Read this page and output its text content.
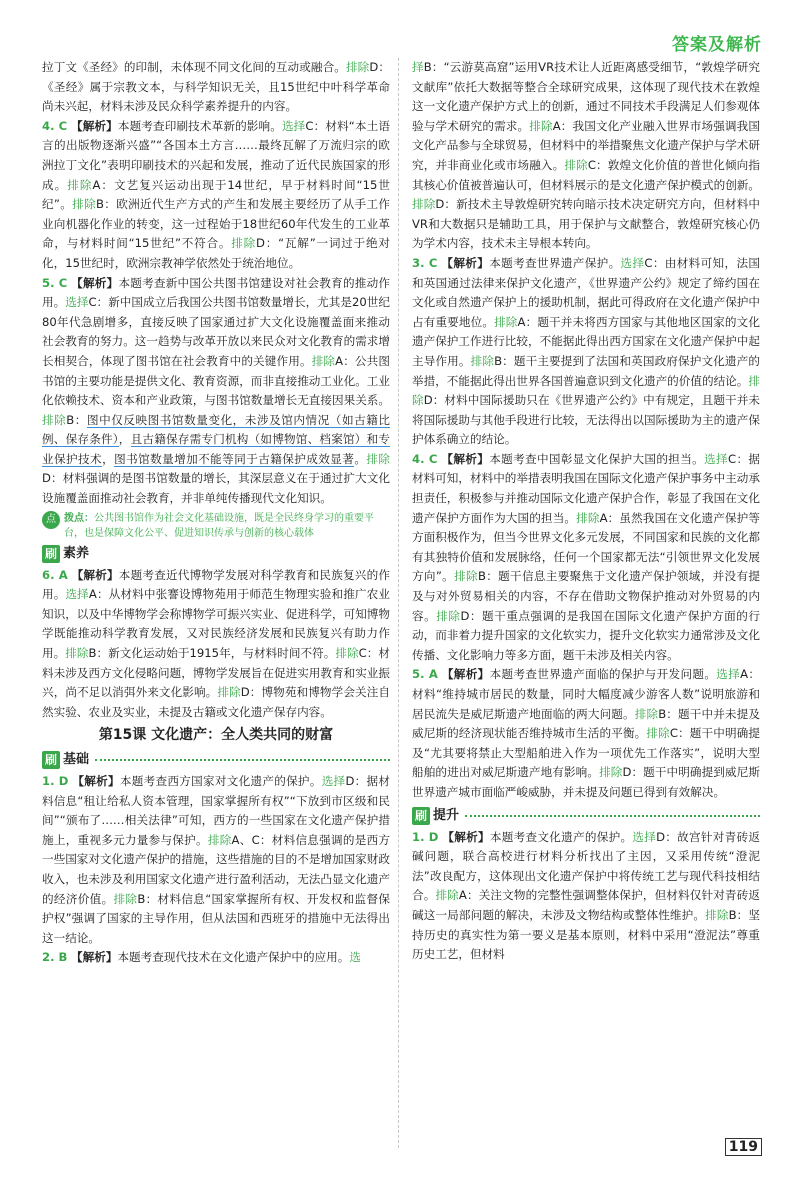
答案及解析

拉丁文《圣经》的印制，未体现不同文化间的互动或融合。排除D：《圣经》属于宗教文本，与科学知识无关，且15世纪中叶科学革命尚未兴起，材料未涉及民众科学素养提升的内容。

4. C 【解析】本题考查印刷技术革新的影响。选择C：材料“本土语言的出版物逐渐兴盛”“各国本土方言……最终瓦解了万流归宗的欧洲拉丁文化”表明印刷技术的兴起和发展，推动了近代民族国家的形成。排除A：文艺复兴运动出现于14世纪，早于材料时间“15世纪”。排除B：欧洲近代生产方式的产生和发展主要经历了从手工作业向机器化作业的转变，这一过程始于18世纪60年代发生的工业革命，与材料时间“15世纪”不符合。排除D：“瓦解”一词过于绝对化，15世纪时，欧洲宗教神学依然处于统治地位。

5. C 【解析】本题考查新中国公共图书馆建设对社会教育的推动作用。选择C：新中国成立后我国公共图书馆数量增长，尤其是20世纪80年代急剧增多，直接反映了国家通过扩大文化设施覆盖面来推动社会教育的努力。这一趋势与改革开放以来民众对文化教育的需求增长相契合，体现了图书馆在社会教育中的关键作用。排除A：公共图书馆的主要功能是提供文化、教育资源，而非直接推动工业化。工业化依赖技术、资本和产业政策，与图书馆数量增长无直接因果关系。排除B：图中仅反映图书馆数量变化，未涉及馆内情况（如古籍比例、保存条件），且古籍保存需专门机构（如博物馆、档案馆）和专业保护技术，图书馆数量增加不能等同于古籍保护成效显著。排除D：材料强调的是图书馆数量的增长，其深层意义在于通过扩大文化设施覆盖面推动社会教育，并非单纯传播现代文化知识。

点 拨点：公共图书馆作为社会文化基础设施，既是全民终身学习的重要平台，也是保障文化公平、促进知识传承与创新的核心载体
刷 素养

6. A 【解析】本题考查近代博物学发展对科学教育和民族复兴的作用。选择A：从材料中张謇设博物苑用于师范生物理实验和推广农业知识，以及中华博物学会称博物学可振兴实业、促进科学，可知博物学既能推动科学教育发展，又对民族经济发展和民族复兴有助力作用。排除B：新文化运动始于1915年，与材料时间不符。排除C：材料未涉及西方文化侵略问题，博物学发展旨在促进实用教育和实业振兴，尚不足以消弭外来文化影响。排除D：博物苑和博物学会关注自然实验、农业及实业，未提及古籍或文化遗产保存内容。

第15课 文化遗产：全人类共同的财富
刷 基础

1. D 【解析】本题考查西方国家对文化遗产的保护。选择D：据材料信息“租让给私人资本管理，国家掌握所有权”“下放到市区级和民间”“颁布了……相关法律”可知，西方的一些国家在文化遗产保护措施上，重视多元力量参与保护。排除A、C：材料信息强调的是西方一些国家对文化遗产保护的措施，这些措施的目的不是增加国家财政收入，也未涉及利用国家文化遗产进行盈利活动，无法凸显文化遗产的经济价值。排除B：材料信息“国家掌握所有权、开发权和监督保护权”强调了国家的主导作用，但从法国和西班牙的措施中无法得出这一结论。

2. B 【解析】本题考查现代技术在文化遗产保护中的应用。选

择B：“云游莫高窟”运用VR技术让人近距离感受细节，“敦煌学研究文献库”依托大数据等整合全球研究成果，这体现了现代技术在敦煌这一文化遗产保护方式上的创新，通过不同技术手段满足人们参观体验与学术研究的需求。排除A：我国文化产业融入世界市场强调我国文化产品参与全球贸易，但材料中的举措聚焦文化遗产保护与学术研究，并非商业化或市场融入。排除C：敦煌文化价值的普世化倾向指其核心价值被普遍认可，但材料展示的是文化遗产保护模式的创新。排除D：新技术主导敦煌研究转向暗示技术决定研究方向，但材料中VR和大数据只是辅助工具，用于保护与文献整合，敦煌研究核心仍为学术内容，技术未主导根本转向。

3. C 【解析】本题考查世界遗产保护。选择C：由材料可知，法国和英国通过法律来保护文化遗产，《世界遗产公约》规定了缔约国在文化或自然遗产保护上的援助机制，据此可得政府在文化遗产保护中占有重要地位。排除A：题干并未将西方国家与其他地区国家的文化遗产保护工作进行比较，不能据此得出西方国家在文化遗产保护中起主导作用。排除B：题干主要提到了法国和英国政府保护文化遗产的举措，不能据此得出世界各国普遍意识到文化遗产的价值的结论。排除D：材料中国际援助只在《世界遗产公约》中有规定，且题干并未将国际援助与其他手段进行比较，无法得出以国际援助为主的遗产保护体系确立的结论。

4. C 【解析】本题考查中国彰显文化保护大国的担当。选择C：据材料可知，材料中的举措表明我国在国际文化遗产保护事务中主动承担责任，积极参与并推动国际文化遗产保护合作，彰显了我国在文化遗产保护方面作为大国的担当。排除A：虽然我国在文化遗产保护等方面积极作为，但当今世界文化多元发展，不同国家和民族的文化都有其独特价值和发展脉络，任何一个国家都无法“引领世界文化发展方向”。排除B：题干信息主要聚焦于文化遗产保护领域，并没有提及与对外贸易相关的内容，不存在借助文物保护推动对外贸易的内容。排除D：题干重点强调的是我国在国际文化遗产保护方面的行动，而非着力提升国家的文化软实力，提升文化软实力通常涉及文化传播、文化影响力等多方面，题干未涉及相关内容。

5. A 【解析】本题考查世界遗产面临的保护与开发问题。选择A：材料“维持城市居民的数量，同时大幅度减少游客人数”说明旅游和居民流失是威尼斯遗产地面临的两大问题。排除B：题干中并未提及威尼斯的经济现状能否维持城市生活的平衡。排除C：题干中明确提及“尤其要将禁止大型船舶进入作为一项优先工作落实”，说明大型船舶的进出对威尼斯遗产地有影响。排除D：题干中明确提到威尼斯世界遗产城市面临严峻威胁，并未提及问题已得到有效解决。

刷 提升

1. D 【解析】本题考查文化遗产的保护。选择D：故宫针对青砖返碱问题，联合高校进行材料分析找出了主因，又采用传统“澄泥法”改良配方，这体现出文化遗产保护中将传统工艺与现代科技相结合。排除A：关注文物的完整性强调整体保护，但材料仅针对青砖返碱这一局部问题的解决，未涉及文物结构或整体性维护。排除B：坚持历史的真实性为第一要义是基本原则，材料中采用“澄泥法”尊重历史工艺，但材料

119
